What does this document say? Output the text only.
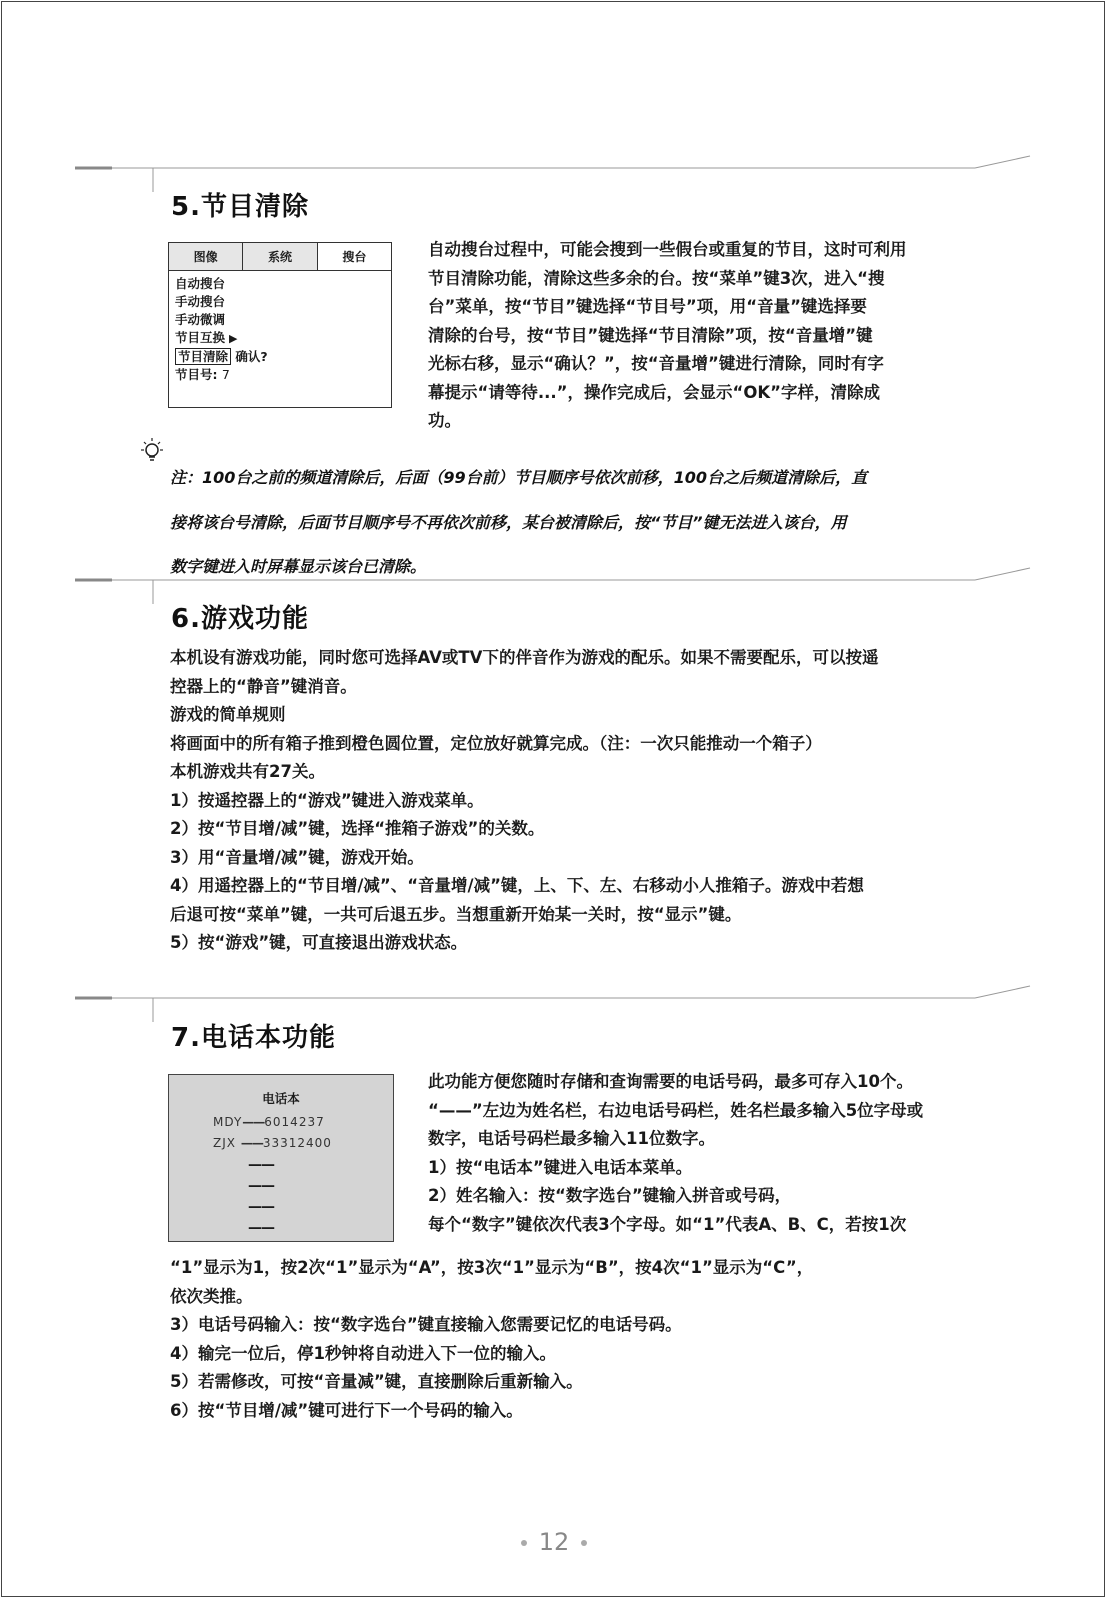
5.节目清除
图像	系统	搜台
自动搜台
手动搜台
手动微调
节目互换 ▶
节目清除 确认?
节目号: 7

自动搜台过程中，可能会搜到一些假台或重复的节目，这时可利用

节目清除功能，清除这些多余的台。按“菜单”键3次，进入“搜

台”菜单，按“节目”键选择“节目号”项，用“音量”键选择要

清除的台号，按“节目”键选择“节目清除”项，按“音量增”键

光标右移，显示“确认？”，按“音量增”键进行清除，同时有字

幕提示“请等待...”，操作完成后，会显示“OK”字样，清除成

功。

注：100台之前的频道清除后，后面（99台前）节目顺序号依次前移，100台之后频道清除后，直

接将该台号清除，后面节目顺序号不再依次前移，某台被清除后，按“节目”键无法进入该台，用

数字键进入时屏幕显示该台已清除。

6.游戏功能

本机设有游戏功能，同时您可选择AV或TV下的伴音作为游戏的配乐。如果不需要配乐，可以按遥

控器上的“静音”键消音。

游戏的简单规则

将画面中的所有箱子推到橙色圆位置，定位放好就算完成。（注：一次只能推动一个箱子）

本机游戏共有27关。

1）按遥控器上的“游戏”键进入游戏菜单。

2）按“节目增/减”键，选择“推箱子游戏”的关数。

3）用“音量增/减”键，游戏开始。

4）用遥控器上的“节目增/减”、“音量增/减”键，上、下、左、右移动小人推箱子。游戏中若想

后退可按“菜单”键，一共可后退五步。当想重新开始某一关时，按“显示”键。

5）按“游戏”键，可直接退出游戏状态。

7.电话本功能
电话本
MDY——6014237
ZJX ——33312400
——
——
——
——

此功能方便您随时存储和查询需要的电话号码，最多可存入10个。

“——”左边为姓名栏，右边电话号码栏，姓名栏最多输入5位字母或

数字，电话号码栏最多输入11位数字。

1）按“电话本”键进入电话本菜单。

2）姓名输入：按“数字选台”键输入拼音或号码，

每个“数字”键依次代表3个字母。如“1”代表A、B、C，若按1次

“1”显示为1，按2次“1”显示为“A”，按3次“1”显示为“B”，按4次“1”显示为“C”，

依次类推。

3）电话号码输入：按“数字选台”键直接输入您需要记忆的电话号码。

4）输完一位后，停1秒钟将自动进入下一位的输入。

5）若需修改，可按“音量减”键，直接删除后重新输入。

6）按“节目增/减”键可进行下一个号码的输入。

12
